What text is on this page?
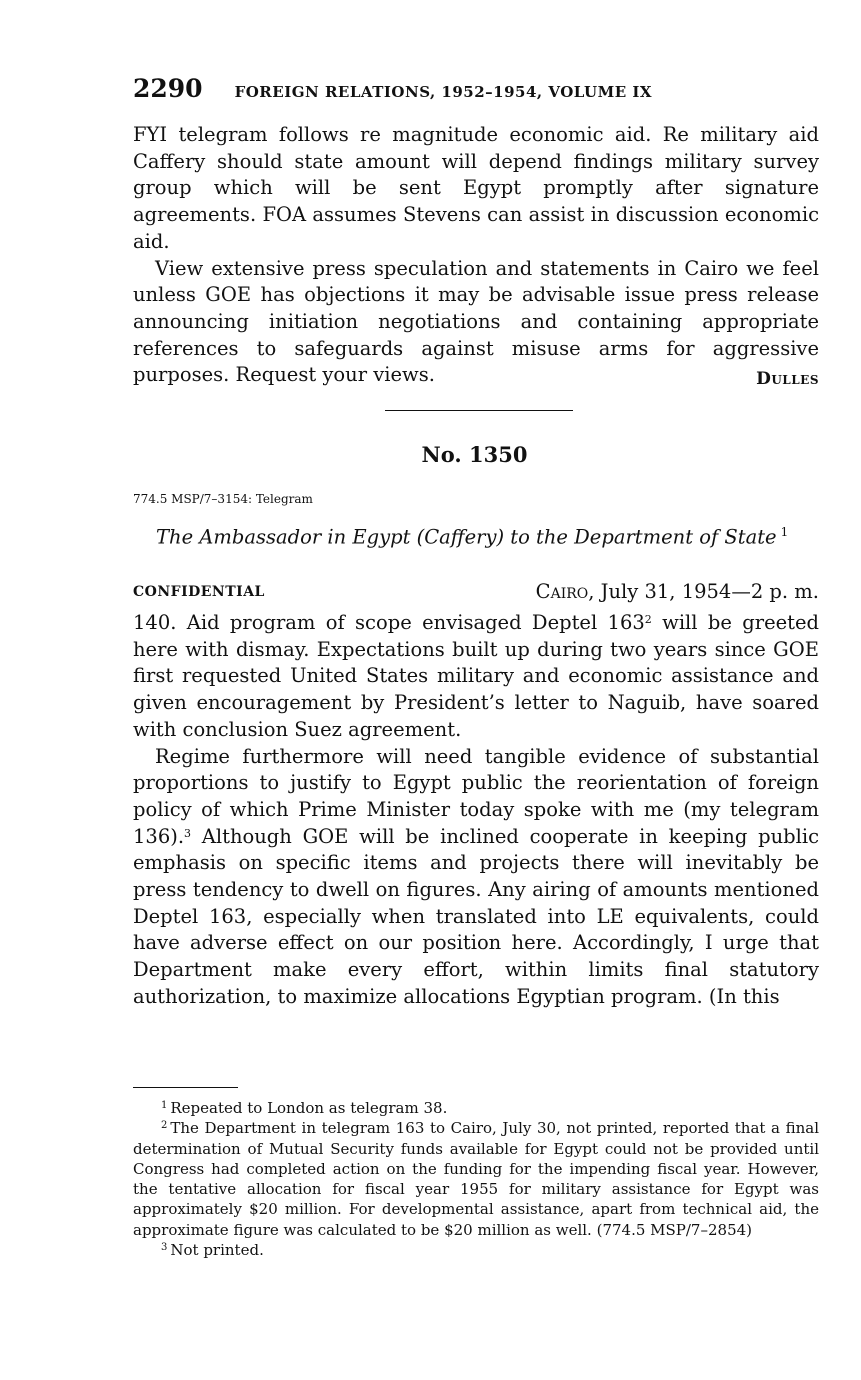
2290 FOREIGN RELATIONS, 1952–1954, VOLUME IX

FYI telegram follows re magnitude economic aid. Re military aid Caffery should state amount will depend findings military survey group which will be sent Egypt promptly after signature agreements. FOA assumes Stevens can assist in discussion economic aid.

View extensive press speculation and statements in Cairo we feel unless GOE has objections it may be advisable issue press release announcing initiation negotiations and containing appropriate references to safeguards against misuse arms for aggressive purposes. Request your views.	Dulles
No. 1350
774.5 MSP/7–3154: Telegram
The Ambassador in Egypt (Caffery) to the Department of State $^1$
CONFIDENTIAL	Cairo, July 31, 1954—2 p. m.

140. Aid program of scope envisaged Deptel 163$^2$ will be greeted here with dismay. Expectations built up during two years since GOE first requested United States military and economic assistance and given encouragement by President’s letter to Naguib, have soared with conclusion Suez agreement.

Regime furthermore will need tangible evidence of substantial proportions to justify to Egypt public the reorientation of foreign policy of which Prime Minister today spoke with me (my telegram 136).$^3$ Although GOE will be inclined cooperate in keeping public emphasis on specific items and projects there will inevitably be press tendency to dwell on figures. Any airing of amounts mentioned Deptel 163, especially when translated into LE equivalents, could have adverse effect on our position here. Accordingly, I urge that Department make every effort, within limits final statutory authorization, to maximize allocations Egyptian program. (In this

$^1$ Repeated to London as telegram 38.

$^2$ The Department in telegram 163 to Cairo, July 30, not printed, reported that a final determination of Mutual Security funds available for Egypt could not be provided until Congress had completed action on the funding for the impending fiscal year. However, the tentative allocation for fiscal year 1955 for military assistance for Egypt was approximately $20 million. For developmental assistance, apart from technical aid, the approximate figure was calculated to be $20 million as well. (774.5 MSP/7–2854)

$^3$ Not printed.
